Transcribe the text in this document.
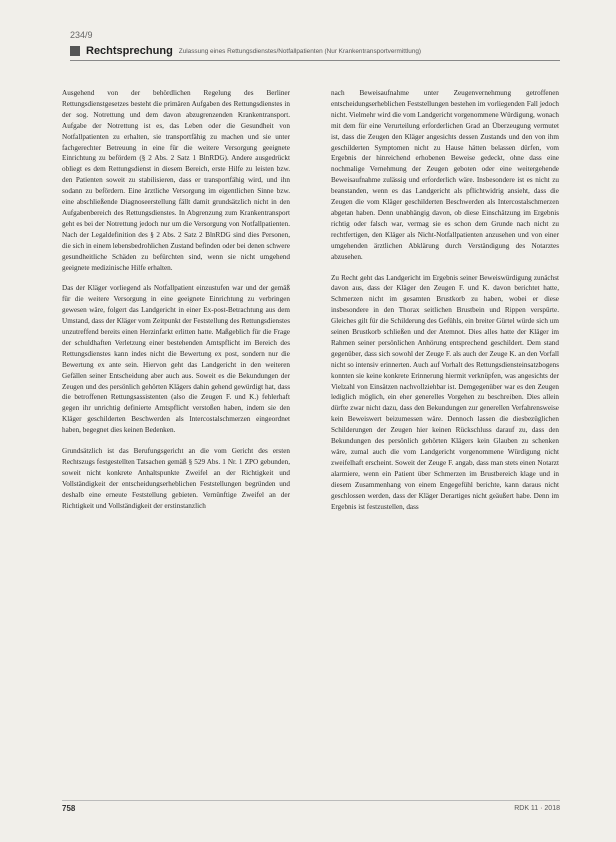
234/9
Rechtsprechung Zulassung eines Rettungsdienstes/Notfallpatienten (Nur Krankentransportvermittlung)

Ausgehend von der behördlichen Regelung des Berliner Rettungsdienstgesetzes besteht die primären Aufgaben des Rettungsdienstes in der sog. Notrettung und dem davon abzugrenzenden Krankentransport. Aufgabe der Notrettung ist es, das Leben oder die Gesundheit von Notfallpatienten zu erhalten, sie transportfähig zu machen und sie unter fachgerechter Betreuung in eine für die weitere Versorgung geeignete Einrichtung zu befördern (§ 2 Abs. 2 Satz 1 BlnRDG). Andere ausgedrückt obliegt es dem Rettungsdienst in diesem Bereich, erste Hilfe zu leisten bzw. den Patienten soweit zu stabilisieren, dass er transportfähig wird, und ihn sodann zu befördern. Eine ärztliche Versorgung im eigentlichen Sinne bzw. eine abschließende Diagnoseerstellung fällt damit grundsätzlich nicht in den Aufgabenbereich des Rettungsdienstes. In Abgrenzung zum Krankentransport geht es bei der Notrettung jedoch nur um die Versorgung von Notfallpatienten. Nach der Legaldefinition des § 2 Abs. 2 Satz 2 BlnRDG sind dies Personen, die sich in einem lebensbedrohlichen Zustand befinden oder bei denen schwere gesundheitliche Schäden zu befürchten sind, wenn sie nicht umgehend geeignete medizinische Hilfe erhalten.

Das der Kläger vorliegend als Notfallpatient einzustufen war und der gemäß für die weitere Versorgung in eine geeignete Einrichtung zu verbringen gewesen wäre, folgert das Landgericht in einer Ex-post-Betrachtung aus dem Umstand, dass der Kläger vom Zeitpunkt der Feststellung des Rettungsdienstes unzutreffend bereits einen Herzinfarkt erlitten hatte. Maßgeblich für die Frage der schuldhaften Verletzung einer bestehenden Amtspflicht im Bereich des Rettungsdienstes kann indes nicht die Bewertung ex post, sondern nur die Bewertung ex ante sein. Hiervon geht das Landgericht in den weiteren Gefällen seiner Entscheidung aber auch aus. Soweit es die Bekundungen der Zeugen und des persönlich gehörten Klägers dahin gehend gewürdigt hat, dass die betroffenen Rettungsassistenten (also die Zeugen F. und K.) fehlerhaft gegen ihr unrichtig definierte Amtspflicht verstoßen haben, indem sie den Kläger geschilderten Beschwerden als Intercostalschmerzen eingeordnet haben, begegnet dies keinen Bedenken.

Grundsätzlich ist das Berufungsgericht an die vom Gericht des ersten Rechtszugs festgestellten Tatsachen gemäß § 529 Abs. 1 Nr. 1 ZPO gebunden, soweit nicht konkrete Anhaltspunkte Zweifel an der Richtigkeit und Vollständigkeit der entscheidungserheblichen Feststellungen begründen und deshalb eine erneute Feststellung gebieten. Vernünftige Zweifel an der Richtigkeit und Vollständigkeit der erstinstanzlich

nach Beweisaufnahme unter Zeugenvernehmung getroffenen entscheidungserheblichen Feststellungen bestehen im vorliegenden Fall jedoch nicht. Vielmehr wird die vom Landgericht vorgenommene Würdigung, wonach mit dem für eine Verurteilung erforderlichen Grad an Überzeugung vermutet ist, dass die Zeugen den Kläger angesichts dessen Zustands und den von ihm geschilderten Symptomen nicht zu Hause hätten belassen dürfen, vom Ergebnis der hinreichend erhobenen Beweise gedeckt, ohne dass eine nochmalige Vernehmung der Zeugen geboten oder eine weitergehende Beweisaufnahme zulässig und erforderlich wäre. Insbesondere ist es nicht zu beanstanden, wenn es das Landgericht als pflichtwidrig ansieht, dass die Zeugen die vom Kläger geschilderten Beschwerden als Intercostalschmerzen abgetan haben. Denn unabhängig davon, ob diese Einschätzung im Ergebnis richtig oder falsch war, vermag sie es schon dem Grunde nach nicht zu rechtfertigen, den Kläger als Nicht-Notfallpatienten anzusehen und von einer umgehenden ärztlichen Abklärung durch Verständigung des Notarztes abzusehen.

Zu Recht geht das Landgericht im Ergebnis seiner Beweiswürdigung zunächst davon aus, dass der Kläger den Zeugen F. und K. davon berichtet hatte, Schmerzen nicht im gesamten Brustkorb zu haben, wobei er diese insbesondere in den Thorax seitlichen Brustbein und Rippen verspürte. Gleiches gilt für die Schilderung des Gefühls, ein breiter Gürtel würde sich um seinen Brustkorb schließen und der Atemnot. Dies alles hatte der Kläger im Rahmen seiner persönlichen Anhörung entsprechend geschildert. Dem stand gegenüber, dass sich sowohl der Zeuge F. als auch der Zeuge K. an den Vorfall nicht so intensiv erinnerten. Auch auf Vorhalt des Rettungsdiensteinsatzbogens konnten sie keine konkrete Erinnerung hiermit verknüpfen, was angesichts der Vielzahl von Einsätzen nachvollziehbar ist. Demgegenüber war es den Zeugen lediglich möglich, ein eher generelles Vorgehen zu beschreiben. Dies allein dürfte zwar nicht dazu, dass den Bekundungen zur generellen Verfahrensweise kein Beweiswert beizumessen wäre. Dennoch lassen die diesbezüglichen Schilderungen der Zeugen hier keinen Rückschluss darauf zu, dass den Bekundungen des persönlich gehörten Klägers kein Glauben zu schenken wäre, zumal auch die vom Landgericht vorgenommene Würdigung nicht zweifelhaft erscheint. Soweit der Zeuge F. angab, dass man stets einen Notarzt alarmiere, wenn ein Patient über Schmerzen im Brustbereich klage und in diesem Zusammenhang von einem Engegefühl berichte, kann daraus nicht geschlossen werden, dass der Kläger Derartiges nicht geäußert habe. Denn im Ergebnis ist festzustellen, dass

758	RDK 11 · 2018
